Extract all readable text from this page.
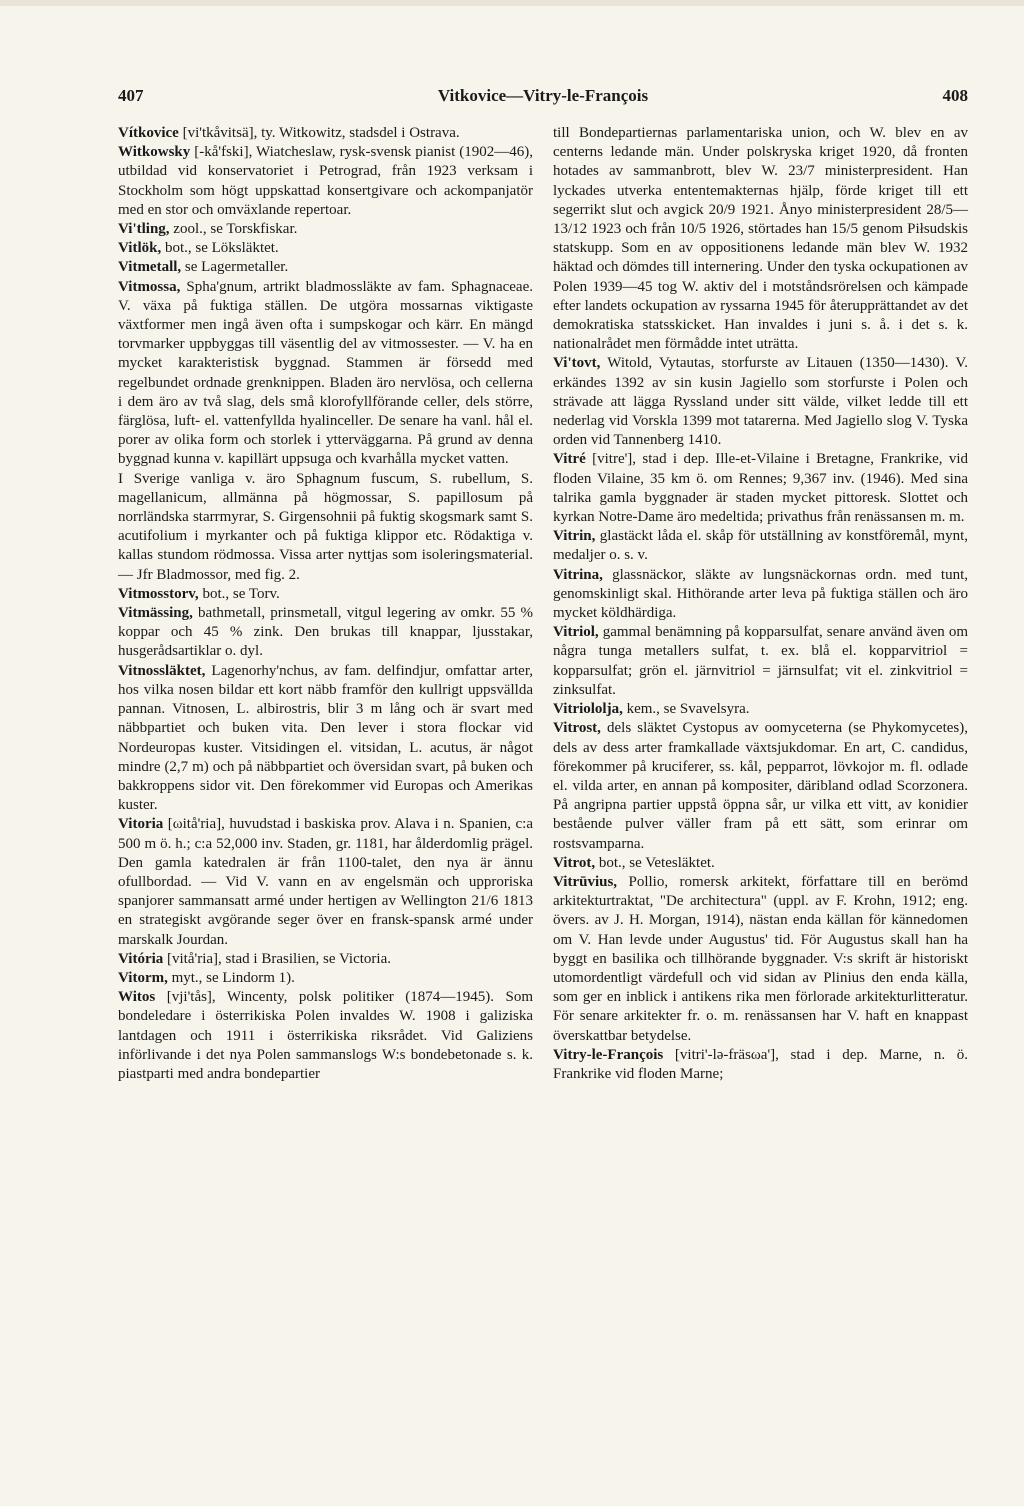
407	Vitkovice—Vitry-le-François	408

Vítkovice [vi'tkåvitsä], ty. Witkowitz, stadsdel i Ostrava.

Witkowsky [-kå'fski], Wiatcheslaw, rysk-svensk pianist (1902—46), utbildad vid konservatoriet i Petrograd, från 1923 verksam i Stockholm som högt uppskattad konsertgivare och ackompanjatör med en stor och omväxlande repertoar.

Vi'tling, zool., se Torskfiskar.

Vitlök, bot., se Löksläktet.

Vitmetall, se Lagermetaller.

Vitmossa, Spha'gnum, artrikt bladmossläkte av fam. Sphagnaceae. V. växa på fuktiga ställen. De utgöra mossarnas viktigaste växtformer men ingå även ofta i sumpskogar och kärr. En mängd torvmarker uppbyggas till väsentlig del av vitmossester. — V. ha en mycket karakteristisk byggnad. Stammen är försedd med regelbundet ordnade grenknippen. Bladen äro nervlösa, och cellerna i dem äro av två slag, dels små klorofyllförande celler, dels större, färglösa, luft- el. vattenfyllda hyalinceller. De senare ha vanl. hål el. porer av olika form och storlek i ytterväggarna. På grund av denna byggnad kunna v. kapillärt uppsuga och kvarhålla mycket vatten.

I Sverige vanliga v. äro Sphagnum fuscum, S. rubellum, S. magellanicum, allmänna på högmossar, S. papillosum på norrländska starrmyrar, S. Girgensohnii på fuktig skogsmark samt S. acutifolium i myrkanter och på fuktiga klippor etc. Rödaktiga v. kallas stundom rödmossa. Vissa arter nyttjas som isoleringsmaterial. — Jfr Bladmossor, med fig. 2.

Vitmosstorv, bot., se Torv.

Vitmässing, bathmetall, prinsmetall, vitgul legering av omkr. 55 % koppar och 45 % zink. Den brukas till knappar, ljusstakar, husgerådsartiklar o. dyl.

Vitnossläktet, Lagenorhy'nchus, av fam. delfindjur, omfattar arter, hos vilka nosen bildar ett kort näbb framför den kullrigt uppsvällda pannan. Vitnosen, L. albirostris, blir 3 m lång och är svart med näbbpartiet och buken vita. Den lever i stora flockar vid Nordeuropas kuster. Vitsidingen el. vitsidan, L. acutus, är något mindre (2,7 m) och på näbbpartiet och översidan svart, på buken och bakkroppens sidor vit. Den förekommer vid Europas och Amerikas kuster.

Vitoria [ωitå'ria], huvudstad i baskiska prov. Alava i n. Spanien, c:a 500 m ö. h.; c:a 52,000 inv. Staden, gr. 1181, har ålderdomlig prägel. Den gamla katedralen är från 1100-talet, den nya är ännu ofullbordad. — Vid V. vann en av engelsmän och upproriska spanjorer sammansatt armé under hertigen av Wellington 21/6 1813 en strategiskt avgörande seger över en fransk-spansk armé under marskalk Jourdan.

Vitória [vitå'ria], stad i Brasilien, se Victoria.

Vitorm, myt., se Lindorm 1).

Witos [vji'tås], Wincenty, polsk politiker (1874—1945). Som bondeledare i österrikiska Polen invaldes W. 1908 i galiziska lantdagen och 1911 i österrikiska riksrådet. Vid Galiziens införlivande i det nya Polen sammanslogs W:s bondebetonade s. k. piastparti med andra bondepartier

till Bondepartiernas parlamentariska union, och W. blev en av centerns ledande män. Under polskryska kriget 1920, då fronten hotades av sammanbrott, blev W. 23/7 ministerpresident. Han lyckades utverka ententemakternas hjälp, förde kriget till ett segerrikt slut och avgick 20/9 1921. Ånyo ministerpresident 28/5—13/12 1923 och från 10/5 1926, störtades han 15/5 genom Piłsudskis statskupp. Som en av oppositionens ledande män blev W. 1932 häktad och dömdes till internering. Under den tyska ockupationen av Polen 1939—45 tog W. aktiv del i motståndsrörelsen och kämpade efter landets ockupation av ryssarna 1945 för återupprättandet av det demokratiska statsskicket. Han invaldes i juni s. å. i det s. k. nationalrådet men förmådde intet uträtta.

Vi'tovt, Witold, Vytautas, storfurste av Litauen (1350—1430). V. erkändes 1392 av sin kusin Jagiello som storfurste i Polen och strävade att lägga Ryssland under sitt välde, vilket ledde till ett nederlag vid Vorskla 1399 mot tatarerna. Med Jagiello slog V. Tyska orden vid Tannenberg 1410.

Vitré [vitre'], stad i dep. Ille-et-Vilaine i Bretagne, Frankrike, vid floden Vilaine, 35 km ö. om Rennes; 9,367 inv. (1946). Med sina talrika gamla byggnader är staden mycket pittoresk. Slottet och kyrkan Notre-Dame äro medeltida; privathus från renässansen m. m.

Vitrin, glastäckt låda el. skåp för utställning av konstföremål, mynt, medaljer o. s. v.

Vitrina, glassnäckor, släkte av lungsnäckornas ordn. med tunt, genomskinligt skal. Hithörande arter leva på fuktiga ställen och äro mycket köldhärdiga.

Vitriol, gammal benämning på kopparsulfat, senare använd även om några tunga metallers sulfat, t. ex. blå el. kopparvitriol = kopparsulfat; grön el. järnvitriol = järnsulfat; vit el. zinkvitriol = zinksulfat.

Vitriololja, kem., se Svavelsyra.

Vitrost, dels släktet Cystopus av oomyceterna (se Phykomycetes), dels av dess arter framkallade växtsjukdomar. En art, C. candidus, förekommer på kruciferer, ss. kål, pepparrot, lövkojor m. fl. odlade el. vilda arter, en annan på kompositer, däribland odlad Scorzonera. På angripna partier uppstå öppna sår, ur vilka ett vitt, av konidier bestående pulver väller fram på ett sätt, som erinrar om rostsvamparna.

Vitrot, bot., se Vetesläktet.

Vitrūvius, Pollio, romersk arkitekt, författare till en berömd arkitekturtraktat, "De architectura" (uppl. av F. Krohn, 1912; eng. övers. av J. H. Morgan, 1914), nästan enda källan för kännedomen om V. Han levde under Augustus' tid. För Augustus skall han ha byggt en basilika och tillhörande byggnader. V:s skrift är historiskt utomordentligt värdefull och vid sidan av Plinius den enda källa, som ger en inblick i antikens rika men förlorade arkitekturlitteratur. För senare arkitekter fr. o. m. renässansen har V. haft en knappast överskattbar betydelse.

Vitry-le-François [vitri'-lə-fräsωa'], stad i dep. Marne, n. ö. Frankrike vid floden Marne;
